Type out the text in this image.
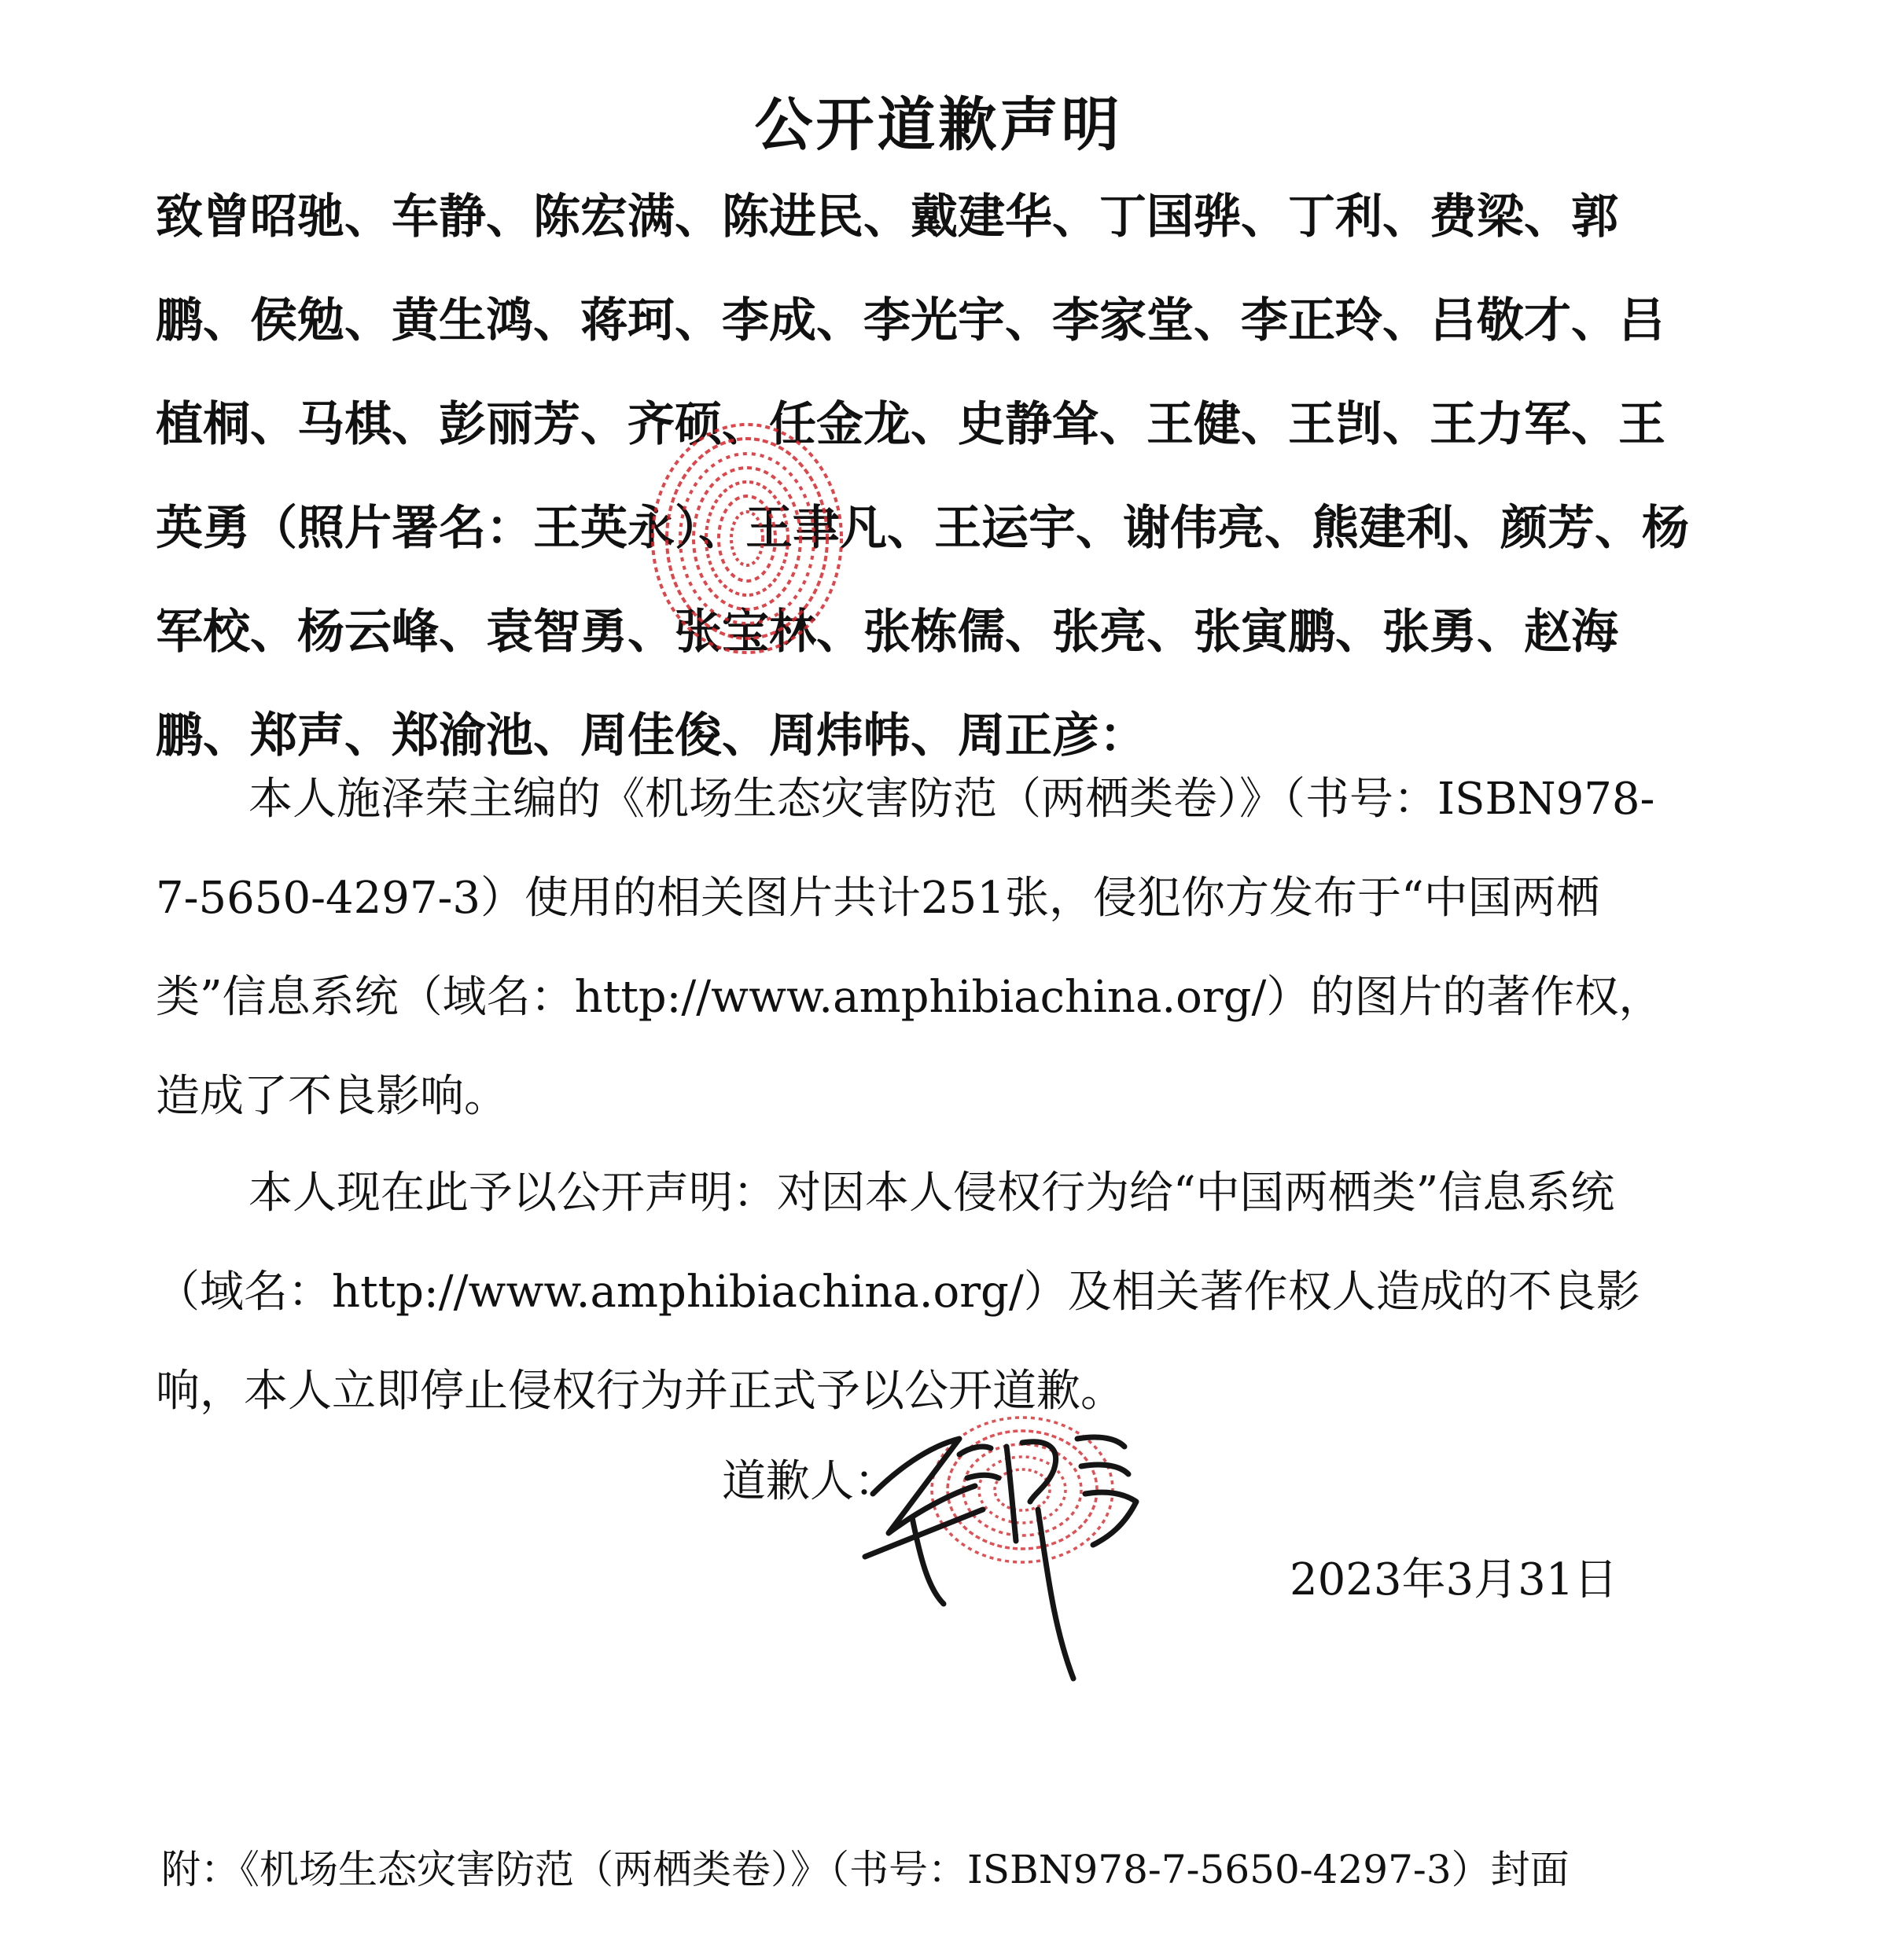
公开道歉声明

致曾昭驰、车静、陈宏满、陈进民、戴建华、丁国骅、丁利、费梁、郭鹏、侯勉、黄生鸿、蒋珂、李成、李光宇、李家堂、李正玲、吕敬才、吕植桐、马棋、彭丽芳、齐硕、任金龙、史静耸、王健、王剀、王力军、王英勇（照片署名：王英永）、王聿凡、王运宇、谢伟亮、熊建利、颜芳、杨军校、杨云峰、袁智勇、张宝林、张栋儒、张亮、张寅鹏、张勇、赵海鹏、郑声、郑渝池、周佳俊、周炜帏、周正彦：

本人施泽荣主编的《机场生态灾害防范（两栖类卷）》（书号：ISBN978-7-5650-4297-3）使用的相关图片共计251张，侵犯你方发布于“中国两栖类”信息系统（域名：http://www.amphibiachina.org/）的图片的著作权，造成了不良影响。

本人现在此予以公开声明：对因本人侵权行为给“中国两栖类”信息系统（域名：http://www.amphibiachina.org/）及相关著作权人造成的不良影响，本人立即停止侵权行为并正式予以公开道歉。

道歉人：

2023年3月31日

附：《机场生态灾害防范（两栖类卷）》（书号：ISBN978-7-5650-4297-3）封面
